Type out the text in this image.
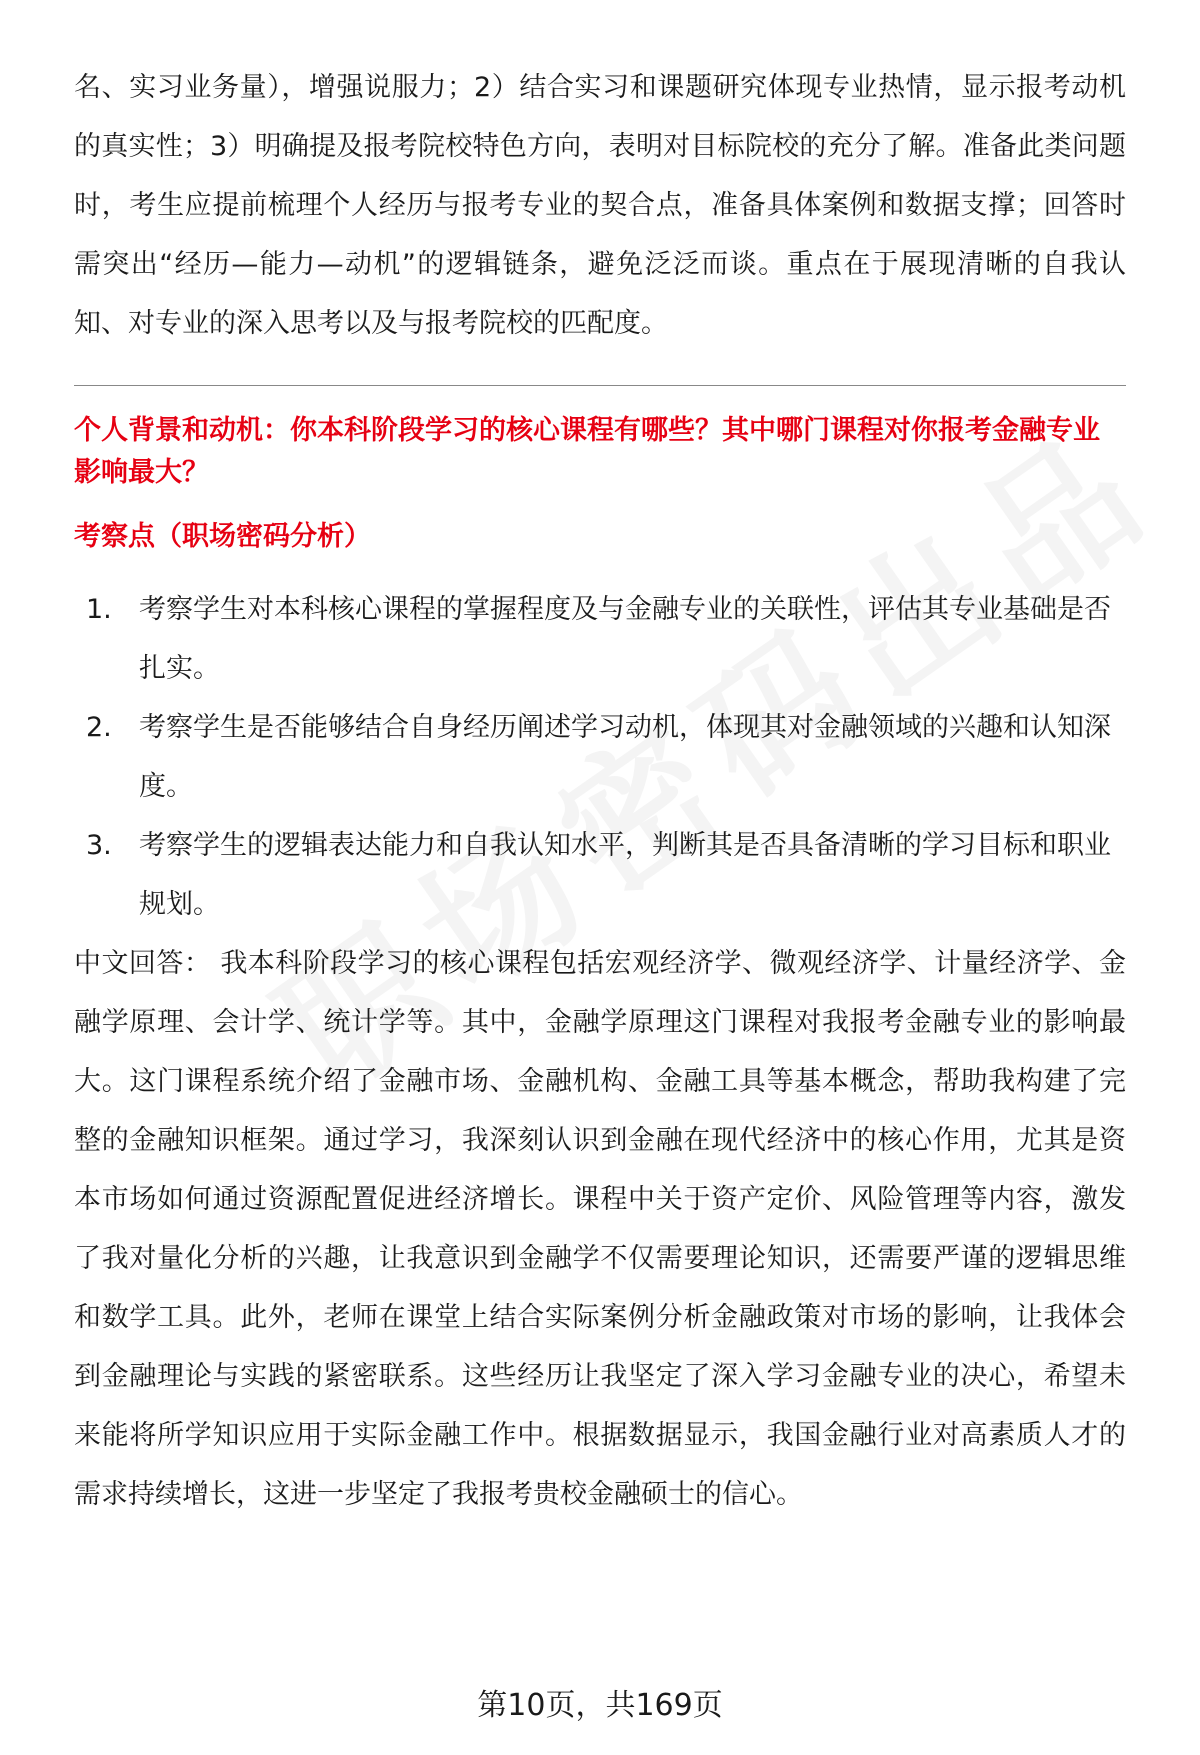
名、实习业务量），增强说服力；2）结合实习和课题研究体现专业热情，显示报考动机的真实性；3）明确提及报考院校特色方向，表明对目标院校的充分了解。准备此类问题时，考生应提前梳理个人经历与报考专业的契合点，准备具体案例和数据支撑；回答时需突出“经历—能力—动机”的逻辑链条，避免泛泛而谈。重点在于展现清晰的自我认知、对专业的深入思考以及与报考院校的匹配度。

个人背景和动机：你本科阶段学习的核心课程有哪些？其中哪门课程对你报考金融专业影响最大？

考察点（职场密码分析）

1.	考察学生对本科核心课程的掌握程度及与金融专业的关联性，评估其专业基础是否扎实。
2.	考察学生是否能够结合自身经历阐述学习动机，体现其对金融领域的兴趣和认知深度。
3.	考察学生的逻辑表达能力和自我认知水平，判断其是否具备清晰的学习目标和职业规划。

中文回答： 我本科阶段学习的核心课程包括宏观经济学、微观经济学、计量经济学、金融学原理、会计学、统计学等。其中，金融学原理这门课程对我报考金融专业的影响最大。这门课程系统介绍了金融市场、金融机构、金融工具等基本概念，帮助我构建了完整的金融知识框架。通过学习，我深刻认识到金融在现代经济中的核心作用，尤其是资本市场如何通过资源配置促进经济增长。课程中关于资产定价、风险管理等内容，激发了我对量化分析的兴趣，让我意识到金融学不仅需要理论知识，还需要严谨的逻辑思维和数学工具。此外，老师在课堂上结合实际案例分析金融政策对市场的影响，让我体会到金融理论与实践的紧密联系。这些经历让我坚定了深入学习金融专业的决心，希望未来能将所学知识应用于实际金融工作中。根据数据显示，我国金融行业对高素质人才的需求持续增长，这进一步坚定了我报考贵校金融硕士的信心。

第10页，共169页
